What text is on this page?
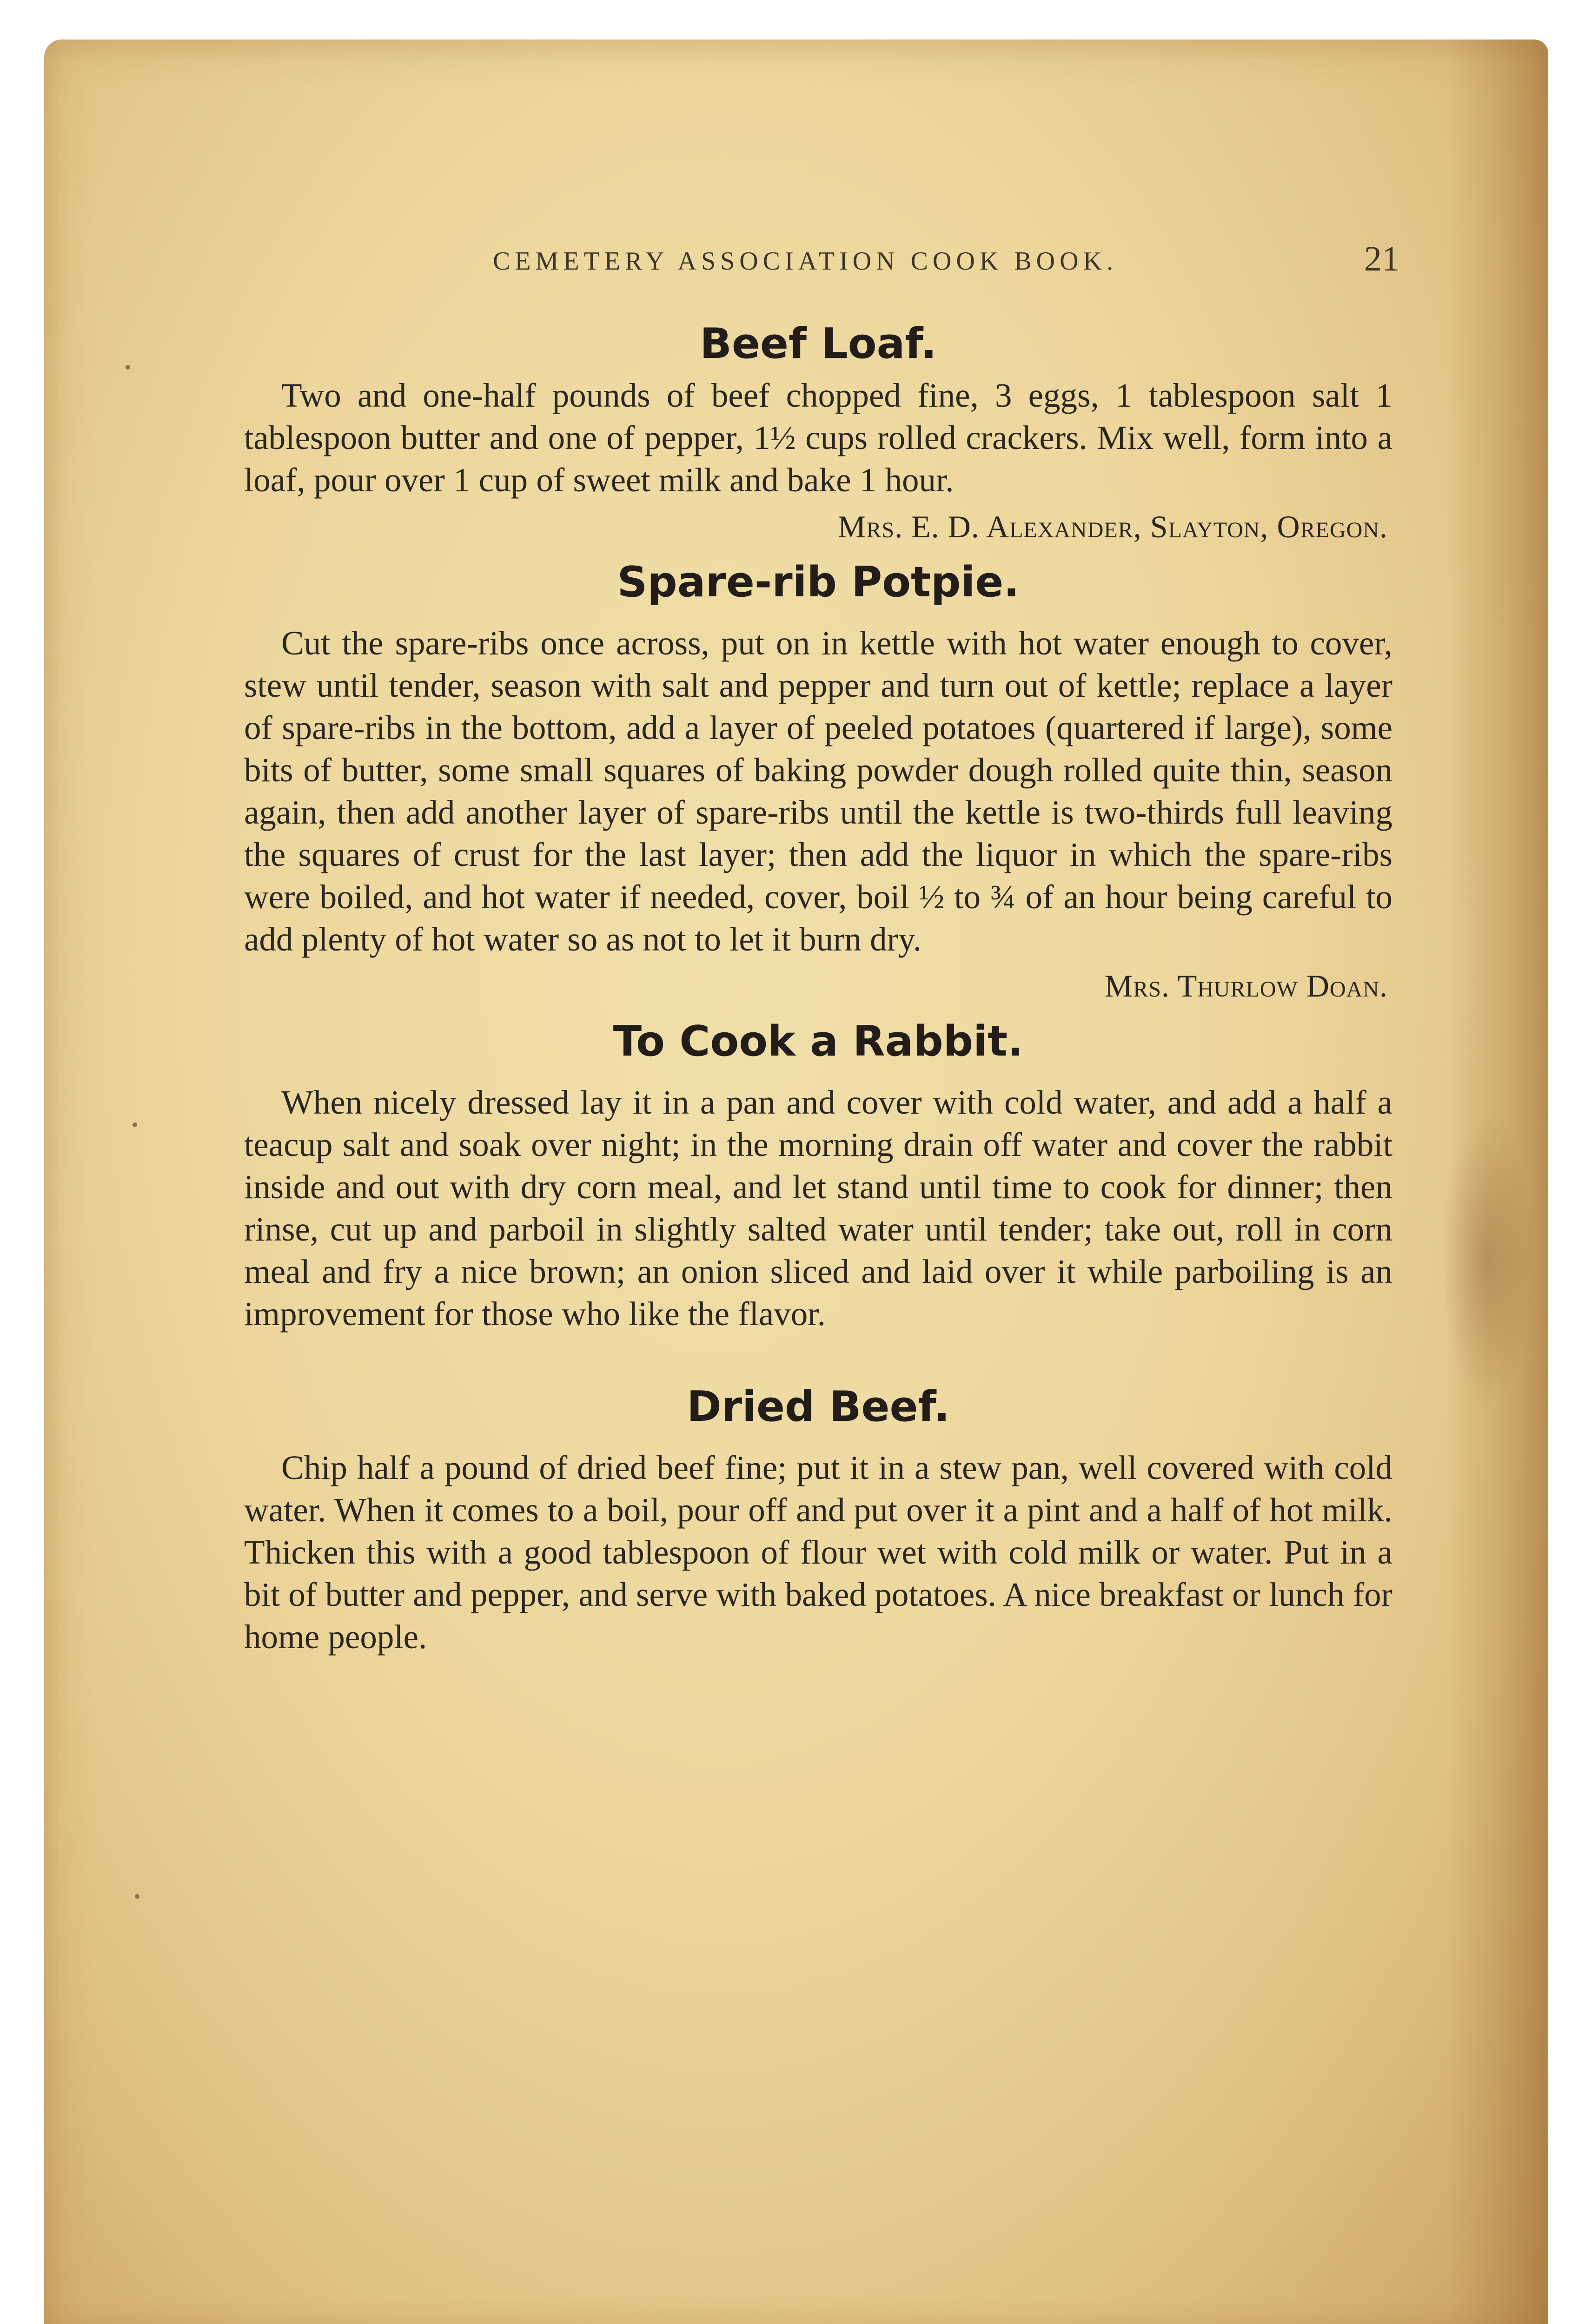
CEMETERY ASSOCIATION COOK BOOK.	21
Beef Loaf.

Two and one-half pounds of beef chopped fine, 3 eggs, 1 tablespoon salt 1 tablespoon butter and one of pepper, 1½ cups rolled crackers. Mix well, form into a loaf, pour over 1 cup of sweet milk and bake 1 hour.

Mrs. E. D. Alexander, Slayton, Oregon.

Spare-rib Potpie.

Cut the spare-ribs once across, put on in kettle with hot water enough to cover, stew until tender, season with salt and pepper and turn out of kettle; replace a layer of spare-ribs in the bottom, add a layer of peeled potatoes (quartered if large), some bits of butter, some small squares of baking powder dough rolled quite thin, season again, then add another layer of spare-ribs until the kettle is two-thirds full leaving the squares of crust for the last layer; then add the liquor in which the spare-ribs were boiled, and hot water if needed, cover, boil ½ to ¾ of an hour being careful to add plenty of hot water so as not to let it burn dry.

Mrs. Thurlow Doan.

To Cook a Rabbit.

When nicely dressed lay it in a pan and cover with cold water, and add a half a teacup salt and soak over night; in the morning drain off water and cover the rabbit inside and out with dry corn meal, and let stand until time to cook for dinner; then rinse, cut up and parboil in slightly salted water until tender; take out, roll in corn meal and fry a nice brown; an onion sliced and laid over it while parboiling is an improvement for those who like the flavor.

Dried Beef.

Chip half a pound of dried beef fine; put it in a stew pan, well covered with cold water. When it comes to a boil, pour off and put over it a pint and a half of hot milk. Thicken this with a good tablespoon of flour wet with cold milk or water. Put in a bit of butter and pepper, and serve with baked potatoes. A nice breakfast or lunch for home people.
